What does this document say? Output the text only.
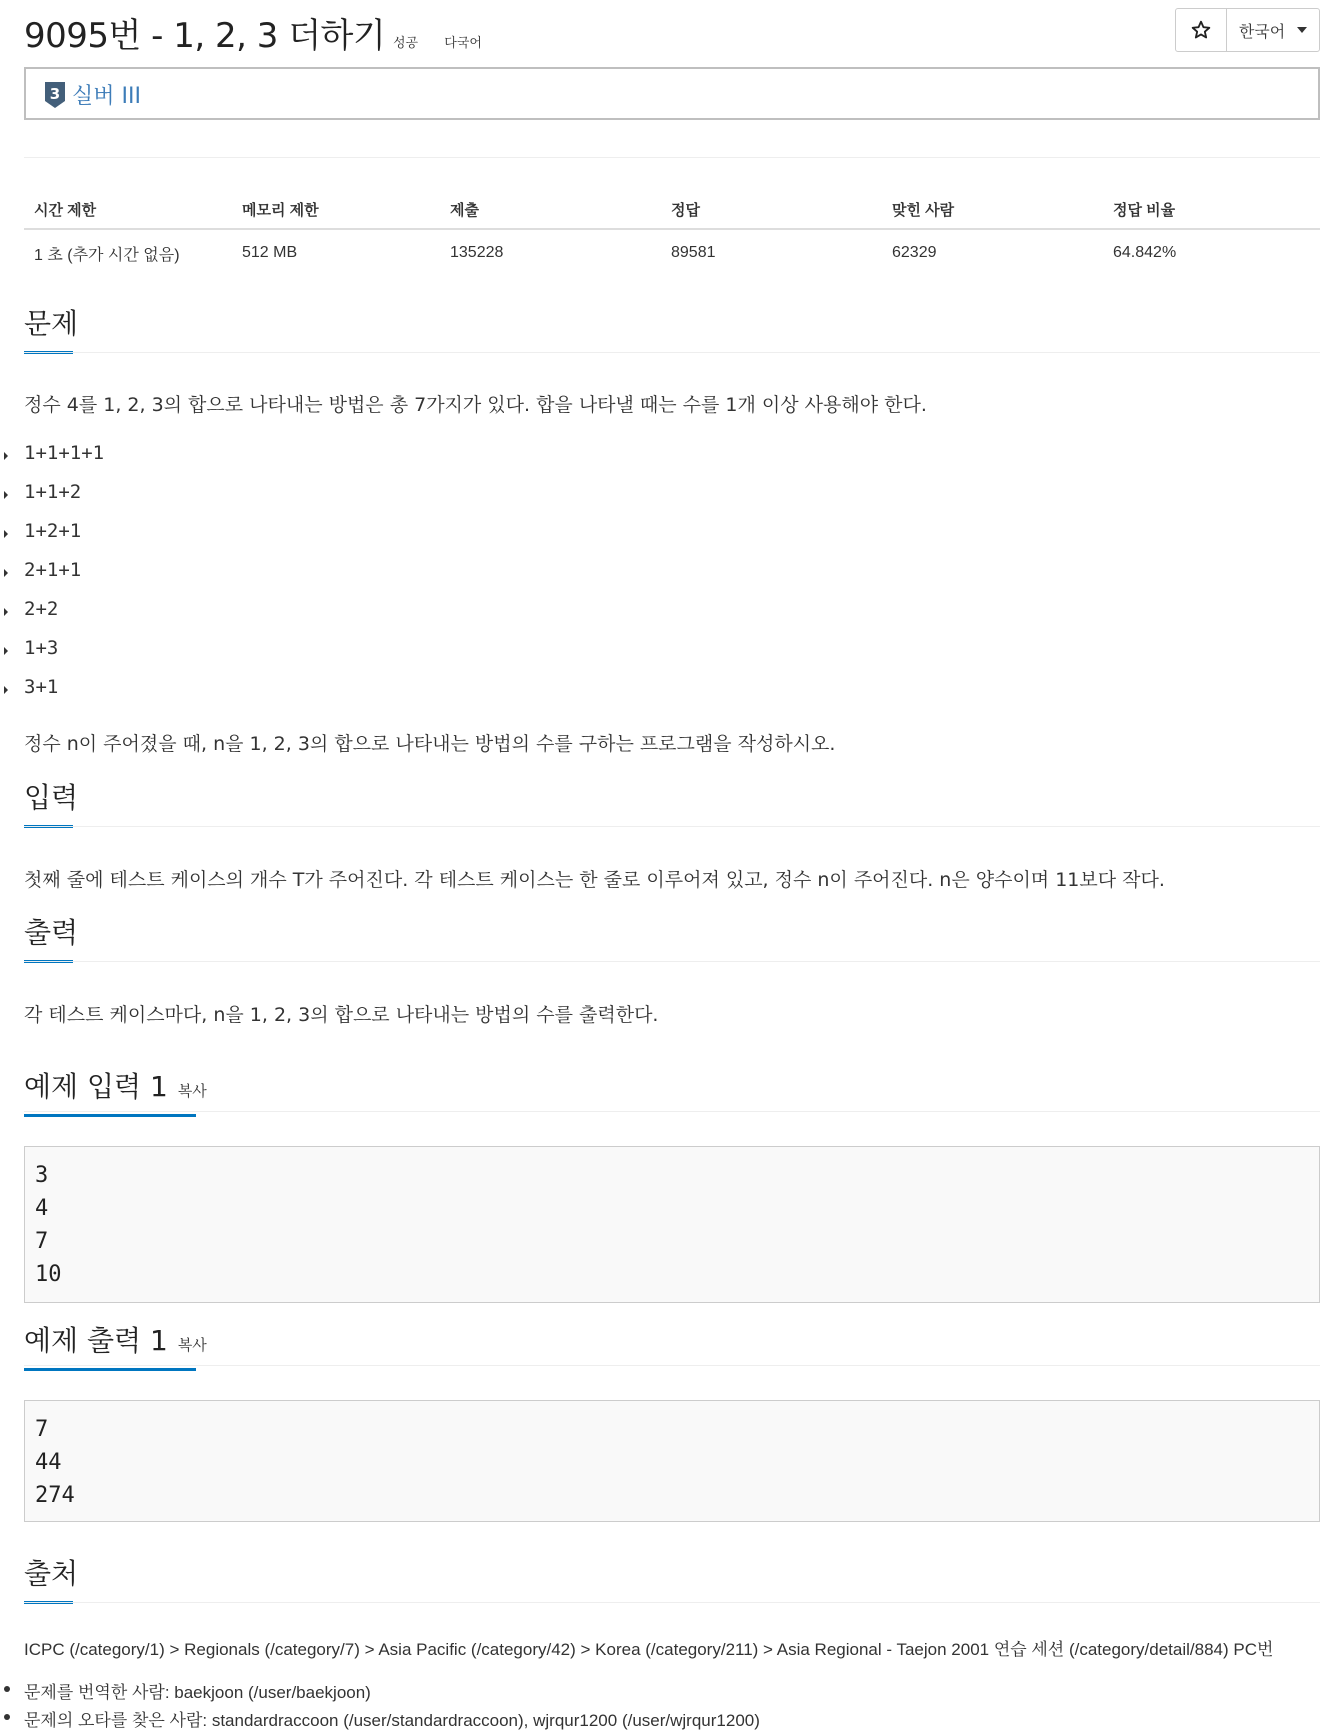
9095번 - 1, 2, 3 더하기 성공 다국어
한국어
3 실버 III
시간 제한	메모리 제한	제출	정답	맞힌 사람	정답 비율
1 초 (추가 시간 없음)	512 MB	135228	89581	62329	64.842%
문제
정수 4를 1, 2, 3의 합으로 나타내는 방법은 총 7가지가 있다. 합을 나타낼 때는 수를 1개 이상 사용해야 한다.
1+1+1+1
1+1+2
1+2+1
2+1+1
2+2
1+3
3+1
정수 n이 주어졌을 때, n을 1, 2, 3의 합으로 나타내는 방법의 수를 구하는 프로그램을 작성하시오.
입력
첫째 줄에 테스트 케이스의 개수 T가 주어진다. 각 테스트 케이스는 한 줄로 이루어져 있고, 정수 n이 주어진다. n은 양수이며 11보다 작다.
출력
각 테스트 케이스마다, n을 1, 2, 3의 합으로 나타내는 방법의 수를 출력한다.
예제 입력 1 복사
3
4
7
10
예제 출력 1 복사
7
44
274
출처
ICPC (/category/1) > Regionals (/category/7) > Asia Pacific (/category/42) > Korea (/category/211) > Asia Regional - Taejon 2001 연습 세션 (/category/detail/884) PC번
문제를 번역한 사람: baekjoon (/user/baekjoon)
문제의 오타를 찾은 사람: standardraccoon (/user/standardraccoon), wjrqur1200 (/user/wjrqur1200)
